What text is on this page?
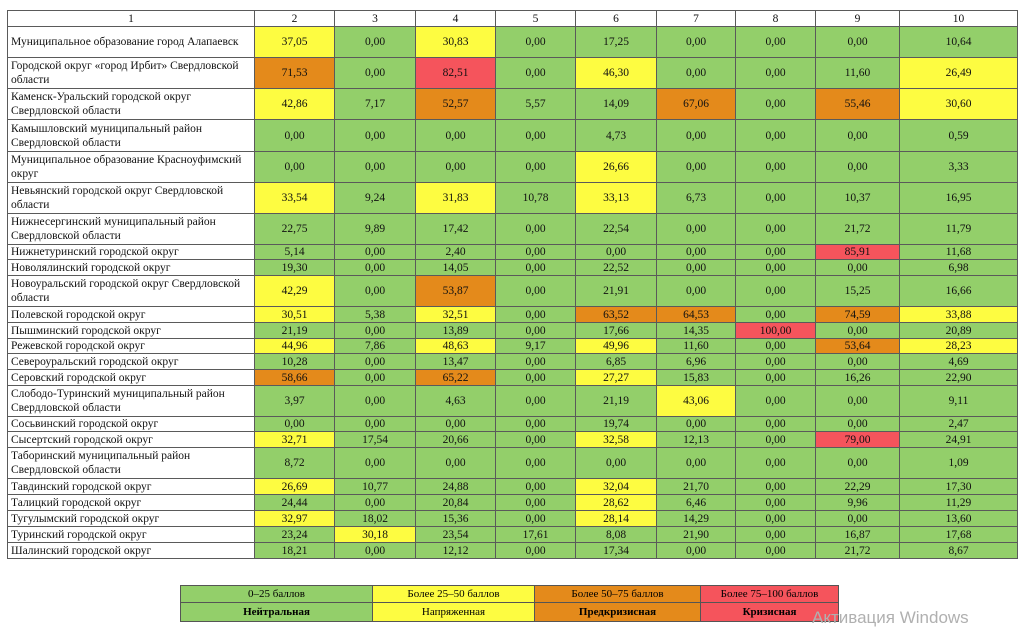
1	2	3	4	5	6	7	8	9	10
Муниципальное образование город Алапаевск	37,05	0,00	30,83	0,00	17,25	0,00	0,00	0,00	10,64
Городской округ «город Ирбит» Свердловской области	71,53	0,00	82,51	0,00	46,30	0,00	0,00	11,60	26,49
Каменск-Уральский городской округ Свердловской области	42,86	7,17	52,57	5,57	14,09	67,06	0,00	55,46	30,60
Камышловский муниципальный район Свердловской области	0,00	0,00	0,00	0,00	4,73	0,00	0,00	0,00	0,59
Муниципальное образование Красноуфимский округ	0,00	0,00	0,00	0,00	26,66	0,00	0,00	0,00	3,33
Невьянский городской округ Свердловской области	33,54	9,24	31,83	10,78	33,13	6,73	0,00	10,37	16,95
Нижнесергинский муниципальный район Свердловской области	22,75	9,89	17,42	0,00	22,54	0,00	0,00	21,72	11,79
Нижнетуринский городской округ	5,14	0,00	2,40	0,00	0,00	0,00	0,00	85,91	11,68
Новолялинский городской округ	19,30	0,00	14,05	0,00	22,52	0,00	0,00	0,00	6,98
Новоуральский городской округ Свердловской области	42,29	0,00	53,87	0,00	21,91	0,00	0,00	15,25	16,66
Полевской городской округ	30,51	5,38	32,51	0,00	63,52	64,53	0,00	74,59	33,88
Пышминский городской округ	21,19	0,00	13,89	0,00	17,66	14,35	100,00	0,00	20,89
Режевской городской округ	44,96	7,86	48,63	9,17	49,96	11,60	0,00	53,64	28,23
Североуральский городской округ	10,28	0,00	13,47	0,00	6,85	6,96	0,00	0,00	4,69
Серовский городской округ	58,66	0,00	65,22	0,00	27,27	15,83	0,00	16,26	22,90
Слободо-Туринский муниципальный район Свердловской области	3,97	0,00	4,63	0,00	21,19	43,06	0,00	0,00	9,11
Сосьвинский городской округ	0,00	0,00	0,00	0,00	19,74	0,00	0,00	0,00	2,47
Сысертский городской округ	32,71	17,54	20,66	0,00	32,58	12,13	0,00	79,00	24,91
Таборинский муниципальный район Свердловской области	8,72	0,00	0,00	0,00	0,00	0,00	0,00	0,00	1,09
Тавдинский городской округ	26,69	10,77	24,88	0,00	32,04	21,70	0,00	22,29	17,30
Талицкий городской округ	24,44	0,00	20,84	0,00	28,62	6,46	0,00	9,96	11,29
Тугулымский городской округ	32,97	18,02	15,36	0,00	28,14	14,29	0,00	0,00	13,60
Туринский городской округ	23,24	30,18	23,54	17,61	8,08	21,90	0,00	16,87	17,68
Шалинский городской округ	18,21	0,00	12,12	0,00	17,34	0,00	0,00	21,72	8,67
0–25 баллов	Более 25–50 баллов	Более 50–75 баллов	Более 75–100 баллов
Нейтральная	Напряженная	Предкризисная	Кризисная Активация Windows
